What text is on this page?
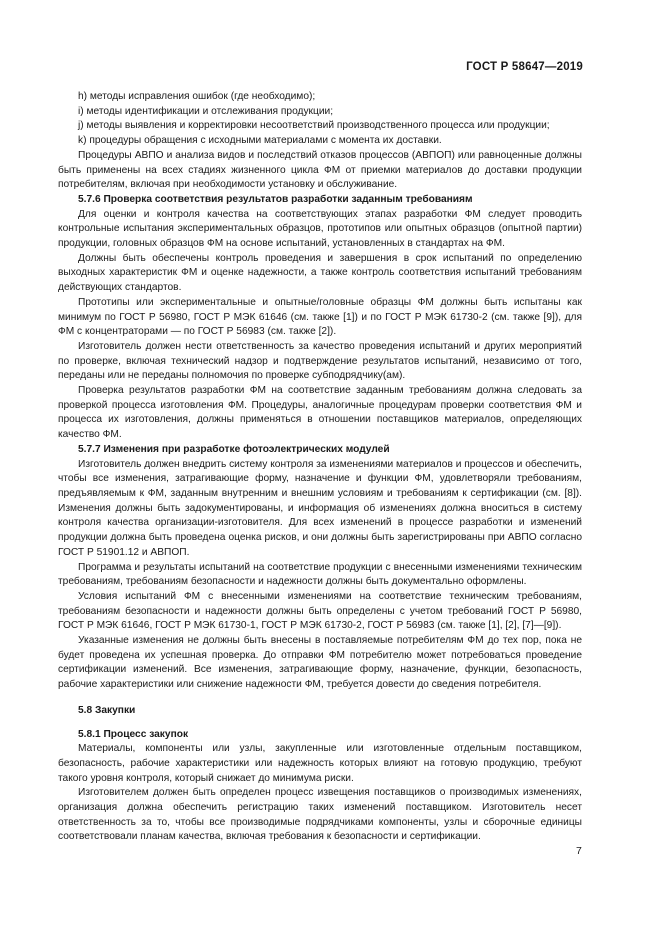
ГОСТ Р 58647—2019

h) методы исправления ошибок (где необходимо);

i) методы идентификации и отслеживания продукции;

j) методы выявления и корректировки несоответствий производственного процесса или продукции;

k) процедуры обращения с исходными материалами с момента их доставки.

Процедуры АВПО и анализа видов и последствий отказов процессов (АВПОП) или равноценные должны быть применены на всех стадиях жизненного цикла ФМ от приемки материалов до доставки продукции потребителям, включая при необходимости установку и обслуживание.

5.7.6 Проверка соответствия результатов разработки заданным требованиям

Для оценки и контроля качества на соответствующих этапах разработки ФМ следует проводить контрольные испытания экспериментальных образцов, прототипов или опытных образцов (опытной партии) продукции, головных образцов ФМ на основе испытаний, установленных в стандартах на ФМ.

Должны быть обеспечены контроль проведения и завершения в срок испытаний по определению выходных характеристик ФМ и оценке надежности, а также контроль соответствия испытаний требованиям действующих стандартов.

Прототипы или экспериментальные и опытные/головные образцы ФМ должны быть испытаны как минимум по ГОСТ Р 56980, ГОСТ Р МЭК 61646 (см. также [1]) и по ГОСТ Р МЭК 61730-2 (см. также [9]), для ФМ с концентраторами — по ГОСТ Р 56983 (см. также [2]).

Изготовитель должен нести ответственность за качество проведения испытаний и других мероприятий по проверке, включая технический надзор и подтверждение результатов испытаний, независимо от того, переданы или не переданы полномочия по проверке субподрядчику(ам).

Проверка результатов разработки ФМ на соответствие заданным требованиям должна следовать за проверкой процесса изготовления ФМ. Процедуры, аналогичные процедурам проверки соответствия ФМ и процесса их изготовления, должны применяться в отношении поставщиков материалов, определяющих качество ФМ.

5.7.7 Изменения при разработке фотоэлектрических модулей

Изготовитель должен внедрить систему контроля за изменениями материалов и процессов и обеспечить, чтобы все изменения, затрагивающие форму, назначение и функции ФМ, удовлетворяли требованиям, предъявляемым к ФМ, заданным внутренним и внешним условиям и требованиям к сертификации (см. [8]). Изменения должны быть задокументированы, и информация об изменениях должна вноситься в систему контроля качества организации-изготовителя. Для всех изменений в процессе разработки и изменений продукции должна быть проведена оценка рисков, и они должны быть зарегистрированы при АВПО согласно ГОСТ Р 51901.12 и АВПОП.

Программа и результаты испытаний на соответствие продукции с внесенными изменениями техническим требованиям, требованиям безопасности и надежности должны быть документально оформлены.

Условия испытаний ФМ с внесенными изменениями на соответствие техническим требованиям, требованиям безопасности и надежности должны быть определены с учетом требований ГОСТ Р 56980, ГОСТ Р МЭК 61646, ГОСТ Р МЭК 61730-1, ГОСТ Р МЭК 61730-2, ГОСТ Р 56983 (см. также [1], [2], [7]—[9]).

Указанные изменения не должны быть внесены в поставляемые потребителям ФМ до тех пор, пока не будет проведена их успешная проверка. До отправки ФМ потребителю может потребоваться проведение сертификации изменений. Все изменения, затрагивающие форму, назначение, функции, безопасность, рабочие характеристики или снижение надежности ФМ, требуется довести до сведения потребителя.

5.8 Закупки

5.8.1 Процесс закупок

Материалы, компоненты или узлы, закупленные или изготовленные отдельным поставщиком, безопасность, рабочие характеристики или надежность которых влияют на готовую продукцию, требуют такого уровня контроля, который снижает до минимума риски.

Изготовителем должен быть определен процесс извещения поставщиков о производимых изменениях, организация должна обеспечить регистрацию таких изменений поставщиком. Изготовитель несет ответственность за то, чтобы все производимые подрядчиками компоненты, узлы и сборочные единицы соответствовали планам качества, включая требования к безопасности и сертификации.

7
